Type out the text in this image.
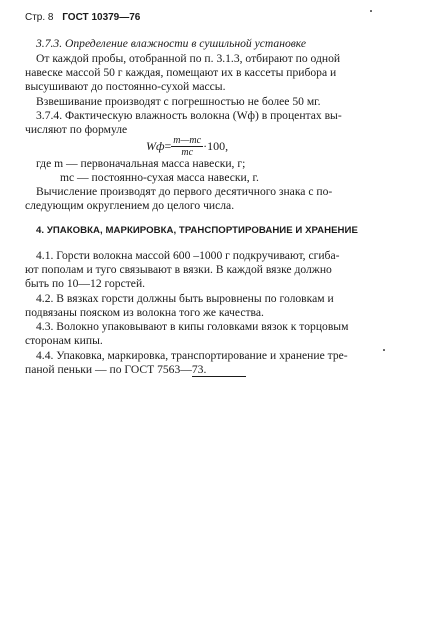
Стр. 8 ГОСТ 10379—76
3.7.3. Определение влажности в сушильной установке
От каждой пробы, отобранной по п. 3.1.3, отбирают по одной
навеске массой 50 г каждая, помещают их в кассеты прибора и
высушивают до постоянно-сухой массы.
Взвешивание производят с погрешностью не более 50 мг.
3.7.4. Фактическую влажность волокна (Wф) в процентах вы-
числяют по формуле
$Wф= \frac{m—mс}{mс} \cdot 100$,
где m — первоначальная масса навески, г;
mс — постоянно-сухая масса навески, г.
Вычисление производят до первого десятичного знака с по-
следующим округлением до целого числа.
4. УПАКОВКА, МАРКИРОВКА, ТРАНСПОРТИРОВАНИЕ И ХРАНЕНИЕ
4.1. Горсти волокна массой 600 –1000 г подкручивают, сгиба-
ют пополам и туго связывают в вязки. В каждой вязке должно
быть по 10—12 горстей.
4.2. В вязках горсти должны быть выровнены по головкам и
подвязаны пояском из волокна того же качества.
4.3. Волокно упаковывают в кипы головками вязок к торцовым
сторонам кипы.
4.4. Упаковка, маркировка, транспортирование и хранение тре-
паной пеньки — по ГОСТ 7563—73.
